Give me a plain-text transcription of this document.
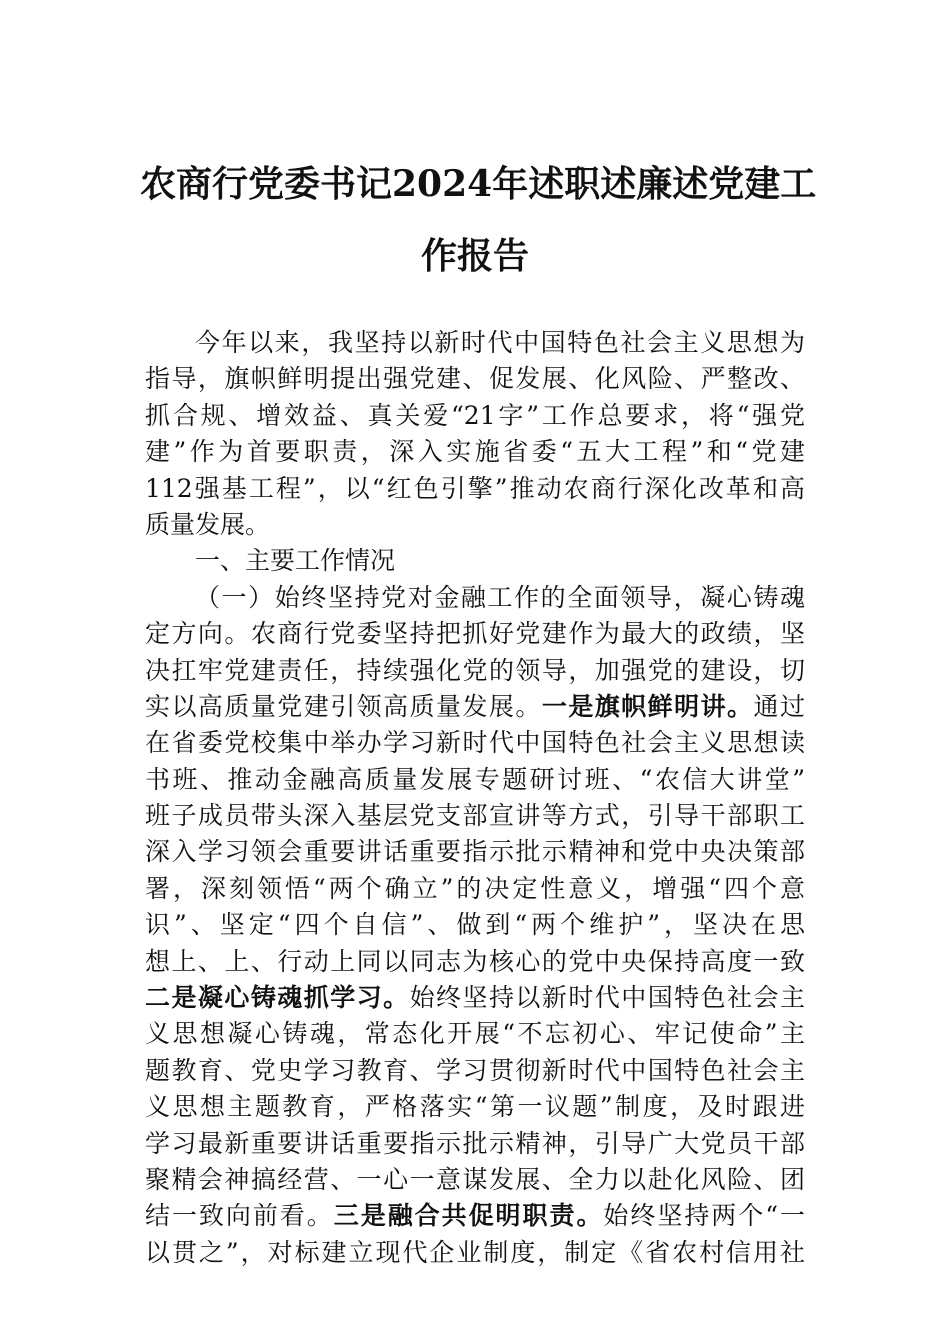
农商行党委书记2024年述职述廉述党建工
作报告
今年以来，我坚持以新时代中国特色社会主义思想为
指导，旗帜鲜明提出强党建、促发展、化风险、严整改、
抓合规、增效益、真关爱“21字”工作总要求，将“强党
建”作为首要职责，深入实施省委“五大工程”和“党建
112强基工程”，以“红色引擎”推动农商行深化改革和高
质量发展。
一、主要工作情况
（一）始终坚持党对金融工作的全面领导，凝心铸魂
定方向。农商行党委坚持把抓好党建作为最大的政绩，坚
决扛牢党建责任，持续强化党的领导，加强党的建设，切
实以高质量党建引领高质量发展。一是旗帜鲜明讲。通过
在省委党校集中举办学习新时代中国特色社会主义思想读
书班、推动金融高质量发展专题研讨班、“农信大讲堂”
班子成员带头深入基层党支部宣讲等方式，引导干部职工
深入学习领会重要讲话重要指示批示精神和党中央决策部
署，深刻领悟“两个确立”的决定性意义，增强“四个意
识”、坚定“四个自信”、做到“两个维护”，坚决在思
想上、上、行动上同以同志为核心的党中央保持高度一致
二是凝心铸魂抓学习。始终坚持以新时代中国特色社会主
义思想凝心铸魂，常态化开展“不忘初心、牢记使命”主
题教育、党史学习教育、学习贯彻新时代中国特色社会主
义思想主题教育，严格落实“第一议题”制度，及时跟进
学习最新重要讲话重要指示批示精神，引导广大党员干部
聚精会神搞经营、一心一意谋发展、全力以赴化风险、团
结一致向前看。三是融合共促明职责。始终坚持两个“一
以贯之”，对标建立现代企业制度，制定《省农村信用社
